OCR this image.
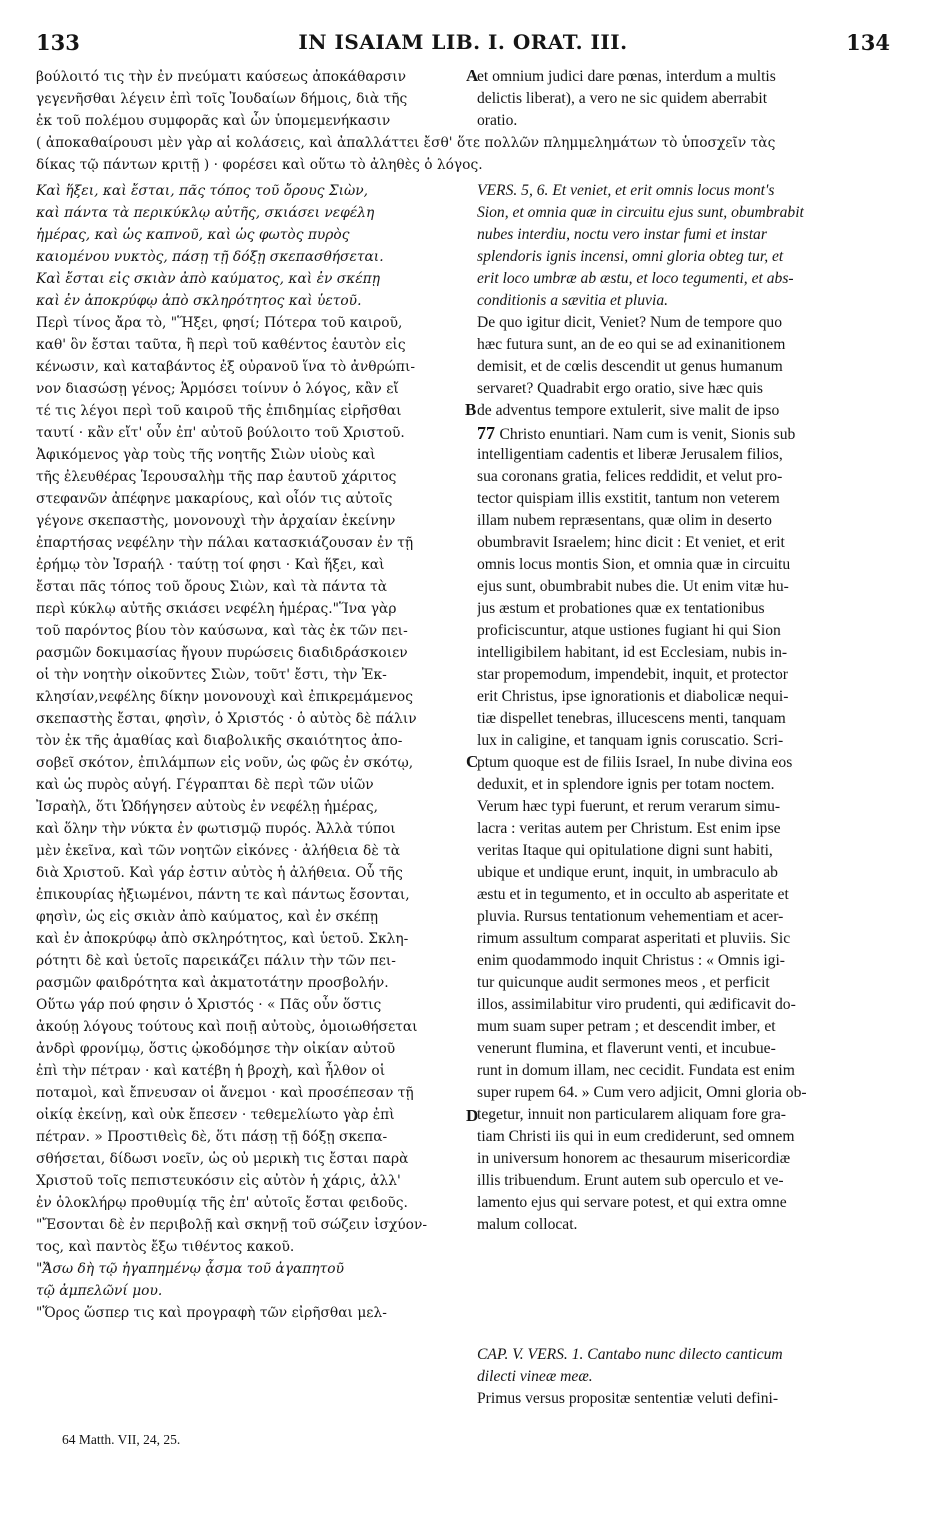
133	IN ISAIAM LIB. I. ORAT. III.	134
βούλοιτό τις τὴν ἐν πνεύματι καύσεως ἀποκάθαρσιν
γεγενῆσθαι λέγειν ἐπὶ τοῖς Ἰουδαίων δήμοις, διὰ τῆς
ἐκ τοῦ πολέμου συμφορᾶς καὶ ὧν ὑπομεμενήκασιν
et omnium judici dare pœnas, interdum a multis
delictis liberat), a vero ne sic quidem aberrabit
oratio.
( ἀποκαθαίρουσι μὲν γὰρ αἱ κολάσεις, καὶ ἀπαλλάττει ἔσθ' ὅτε πολλῶν πλημμελημάτων τὸ ὑποσχεῖν τὰς
δίκας τῷ πάντων κριτῇ ) · φορέσει καὶ οὕτω τὸ ἀληθὲς ὁ λόγος.
Καὶ ἥξει, καὶ ἔσται, πᾶς τόπος τοῦ ὄρους Σιὼν,
καὶ πάντα τὰ περικύκλῳ αὐτῆς, σκιάσει νεφέλη
ἡμέρας, καὶ ὡς καπνοῦ, καὶ ὡς φωτὸς πυρὸς
καιομένου νυκτὸς, πάσῃ τῇ δόξῃ σκεπασθήσεται.
Καὶ ἔσται εἰς σκιὰν ἀπὸ καύματος, καὶ ἐν σκέπῃ
καὶ ἐν ἀποκρύφῳ ἀπὸ σκληρότητος καὶ ὑετοῦ.
Περὶ τίνος ἄρα τὸ, "Ἥξει, φησί; Πότερα τοῦ καιροῦ,
καθ' ὃν ἔσται ταῦτα, ἢ περὶ τοῦ καθέντος ἑαυτὸν εἰς
κένωσιν, καὶ καταβάντος ἐξ οὐρανοῦ ἵνα τὸ ἀνθρώπι-
νον διασώσῃ γένος; Ἁρμόσει τοίνυν ὁ λόγος, κἂν εἴ
τέ τις λέγοι περὶ τοῦ καιροῦ τῆς ἐπιδημίας εἰρῆσθαι
ταυτί · κἂν εἴτ' οὖν ἐπ' αὐτοῦ βούλοιτο τοῦ Χριστοῦ.
Ἀφικόμενος γὰρ τοὺς τῆς νοητῆς Σιὼν υἱοὺς καὶ
τῆς ἐλευθέρας Ἱερουσαλὴμ τῆς παρ ἑαυτοῦ χάριτος
στεφανῶν ἀπέφηνε μακαρίους, καὶ οἷόν τις αὐτοῖς
γέγονε σκεπαστὴς, μονονουχὶ τὴν ἀρχαίαν ἐκείνην
ἐπαρτήσας νεφέλην τὴν πάλαι κατασκιάζουσαν ἐν τῇ
ἐρήμῳ τὸν Ἰσραήλ · ταύτῃ τοί φησι · Καὶ ἥξει, καὶ
ἔσται πᾶς τόπος τοῦ ὄρους Σιὼν, καὶ τὰ πάντα τὰ
περὶ κύκλῳ αὐτῆς σκιάσει νεφέλη ἡμέρας."Ἵνα γὰρ
τοῦ παρόντος βίου τὸν καύσωνα, καὶ τὰς ἐκ τῶν πει-
ρασμῶν δοκιμασίας ἤγουν πυρώσεις διαδιδράσκοιεν
οἱ τὴν νοητὴν οἰκοῦντες Σιὼν, τοῦτ' ἔστι, τὴν Ἐκ-
κλησίαν,νεφέλης δίκην μονονουχὶ καὶ ἐπικρεμάμενος
σκεπαστὴς ἔσται, φησὶν, ὁ Χριστός · ὁ αὐτὸς δὲ πάλιν
τὸν ἐκ τῆς ἀμαθίας καὶ διαβολικῆς σκαιότητος ἀπο-
σοβεῖ σκότον, ἐπιλάμπων εἰς νοῦν, ὡς φῶς ἐν σκότῳ,
καὶ ὡς πυρὸς αὐγή. Γέγραπται δὲ περὶ τῶν υἱῶν
Ἰσραὴλ, ὅτι Ὡδήγησεν αὐτοὺς ἐν νεφέλῃ ἡμέρας,
καὶ ὅλην τὴν νύκτα ἐν φωτισμῷ πυρός. Ἀλλὰ τύποι
μὲν ἐκεῖνα, καὶ τῶν νοητῶν εἰκόνες · ἀλήθεια δὲ τὰ
διὰ Χριστοῦ. Καὶ γάρ ἐστιν αὐτὸς ἡ ἀλήθεια. Οὗ τῆς
ἐπικουρίας ἠξιωμένοι, πάντη τε καὶ πάντως ἔσονται,
φησὶν, ὡς εἰς σκιὰν ἀπὸ καύματος, καὶ ἐν σκέπῃ
καὶ ἐν ἀποκρύφῳ ἀπὸ σκληρότητος, καὶ ὑετοῦ. Σκλη-
ρότητι δὲ καὶ ὑετοῖς παρεικάζει πάλιν τὴν τῶν πει-
ρασμῶν φαιδρότητα καὶ ἀκματοτάτην προσβολήν.
Οὕτω γάρ πού φησιν ὁ Χριστός · « Πᾶς οὖν ὅστις
ἀκούῃ λόγους τούτους καὶ ποιῇ αὐτοὺς, ὁμοιωθήσεται
ἀνδρὶ φρονίμῳ, ὅστις ᾠκοδόμησε τὴν οἰκίαν αὐτοῦ
ἐπὶ τὴν πέτραν · καὶ κατέβη ἡ βροχὴ, καὶ ἦλθον οἱ
ποταμοὶ, καὶ ἔπνευσαν οἱ ἄνεμοι · καὶ προσέπεσαν τῇ
οἰκίᾳ ἐκείνῃ, καὶ οὐκ ἔπεσεν · τεθεμελίωτο γὰρ ἐπὶ
πέτραν. » Προστιθεὶς δὲ, ὅτι πάσῃ τῇ δόξῃ σκεπα-
σθήσεται, δίδωσι νοεῖν, ὡς οὐ μερικὴ τις ἔσται παρὰ
Χριστοῦ τοῖς πεπιστευκόσιν εἰς αὐτὸν ἡ χάρις, ἀλλ'
ἐν ὁλοκλήρῳ προθυμίᾳ τῆς ἐπ' αὐτοῖς ἔσται φειδοῦς.
"Ἔσονται δὲ ἐν περιβολῇ καὶ σκηνῇ τοῦ σώζειν ἰσχύον-
τος, καὶ παντὸς ἔξω τιθέντος κακοῦ.
"Ἄσω δὴ τῷ ἠγαπημένῳ ᾆσμα τοῦ ἀγαπητοῦ
τῷ ἀμπελῶνί μου.
"Ὅρος ὥσπερ τις καὶ προγραφὴ τῶν εἰρῆσθαι μελ-
VERS. 5, 6. Et veniet, et erit omnis locus mont's
Sion, et omnia quæ in circuitu ejus sunt, obumbrabit
nubes interdiu, noctu vero instar fumi et instar
splendoris ignis incensi, omni gloria obteg tur, et
erit loco umbræ ab æstu, et loco tegumenti, et abs-
conditionis a sævitia et pluvia.
De quo igitur dicit, Veniet? Num de tempore quo
hæc futura sunt, an de eo qui se ad exinanitionem
demisit, et de cœlis descendit ut genus humanum
servaret? Quadrabit ergo oratio, sive hæc quis
de adventus tempore extulerit, sive malit de ipso
77 Christo enuntiari. Nam cum is venit, Sionis sub
intelligentiam cadentis et liberæ Jerusalem filios,
sua coronans gratia, felices reddidit, et velut pro-
tector quispiam illis exstitit, tantum non veterem
illam nubem repræsentans, quæ olim in deserto
obumbravit Israelem; hinc dicit : Et veniet, et erit
omnis locus montis Sion, et omnia quæ in circuitu
ejus sunt, obumbrabit nubes die. Ut enim vitæ hu-
jus æstum et probationes quæ ex tentationibus
proficiscuntur, atque ustiones fugiant hi qui Sion
intelligibilem habitant, id est Ecclesiam, nubis in-
star propemodum, impendebit, inquit, et protector
erit Christus, ipse ignorationis et diabolicæ nequi-
tiæ dispellet tenebras, illucescens menti, tanquam
lux in caligine, et tanquam ignis coruscatio. Scri-
ptum quoque est de filiis Israel, In nube divina eos
deduxit, et in splendore ignis per totam noctem.
Verum hæc typi fuerunt, et rerum verarum simu-
lacra : veritas autem per Christum. Est enim ipse
veritas Itaque qui opitulatione digni sunt habiti,
ubique et undique erunt, inquit, in umbraculo ab
æstu et in tegumento, et in occulto ab asperitate et
pluvia. Rursus tentationum vehementiam et acer-
rimum assultum comparat asperitati et pluviis. Sic
enim quodammodo inquit Christus : « Omnis igi-
tur quicunque audit sermones meos , et perficit
illos, assimilabitur viro prudenti, qui ædificavit do-
mum suam super petram ; et descendit imber, et
venerunt flumina, et flaverunt venti, et incubue-
runt in domum illam, nec cecidit. Fundata est enim
super rupem 64. » Cum vero adjicit, Omni gloria ob-
tegetur, innuit non particularem aliquam fore gra-
tiam Christi iis qui in eum crediderunt, sed omnem
in universum honorem ac thesaurum misericordiæ
illis tribuendum. Erunt autem sub operculo et ve-
lamento ejus qui servare potest, et qui extra omne
malum collocat.
CAP. V. VERS. 1. Cantabo nunc dilecto canticum
dilecti vineæ meæ.
Primus versus propositæ sententiæ veluti defini-
A
B
C
D
64 Matth. VII, 24, 25.
